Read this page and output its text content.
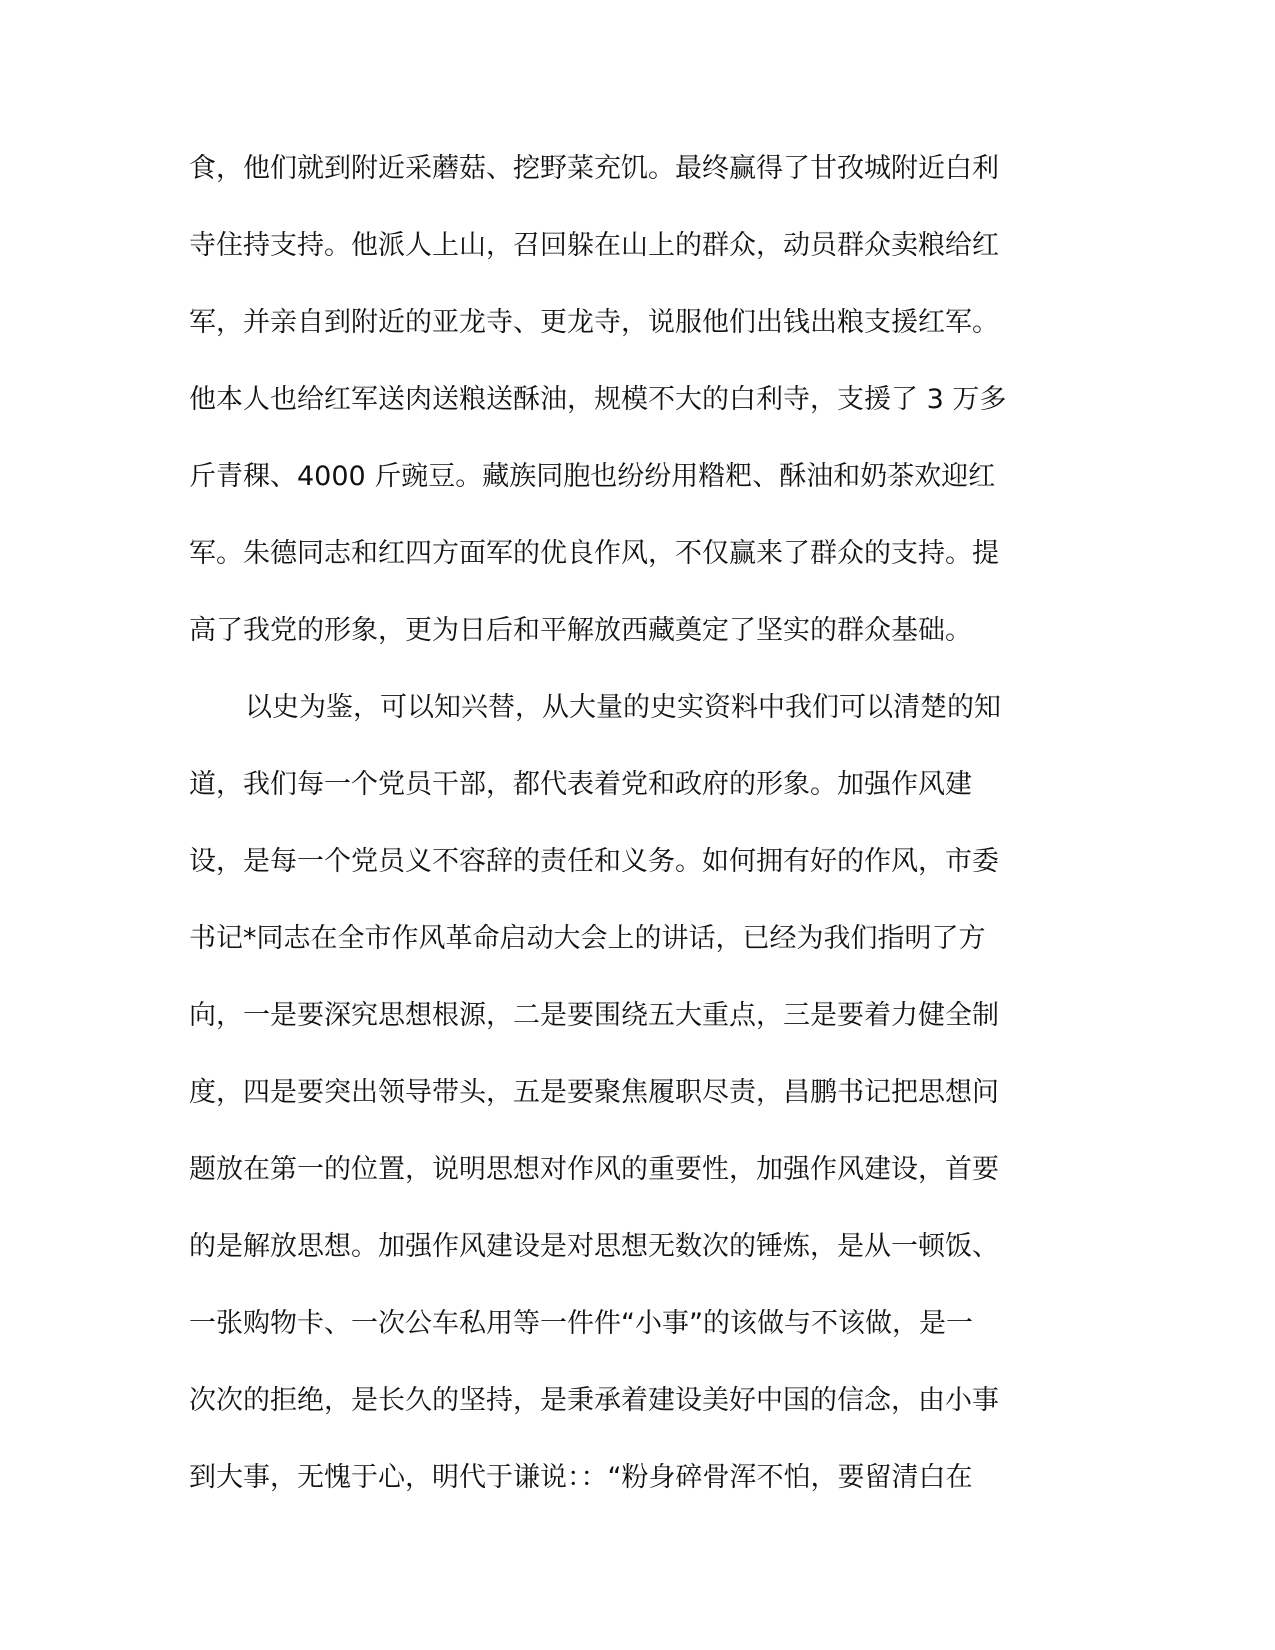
食，他们就到附近采蘑菇、挖野菜充饥。最终赢得了甘孜城附近白利
寺住持支持。他派人上山，召回躲在山上的群众，动员群众卖粮给红
军，并亲自到附近的亚龙寺、更龙寺，说服他们出钱出粮支援红军。
他本人也给红军送肉送粮送酥油，规模不大的白利寺，支援了 3 万多
斤青稞、4000 斤豌豆。藏族同胞也纷纷用糌粑、酥油和奶茶欢迎红
军。朱德同志和红四方面军的优良作风，不仅赢来了群众的支持。提
高了我党的形象，更为日后和平解放西藏奠定了坚实的群众基础。
以史为鉴，可以知兴替，从大量的史实资料中我们可以清楚的知
道，我们每一个党员干部，都代表着党和政府的形象。加强作风建
设，是每一个党员义不容辞的责任和义务。如何拥有好的作风，市委
书记*同志在全市作风革命启动大会上的讲话，已经为我们指明了方
向，一是要深究思想根源，二是要围绕五大重点，三是要着力健全制
度，四是要突出领导带头，五是要聚焦履职尽责，昌鹏书记把思想问
题放在第一的位置，说明思想对作风的重要性，加强作风建设，首要
的是解放思想。加强作风建设是对思想无数次的锤炼，是从一顿饭、
一张购物卡、一次公车私用等一件件“小事”的该做与不该做，是一
次次的拒绝，是长久的坚持，是秉承着建设美好中国的信念，由小事
到大事，无愧于心，明代于谦说：：“粉身碎骨浑不怕，要留清白在
